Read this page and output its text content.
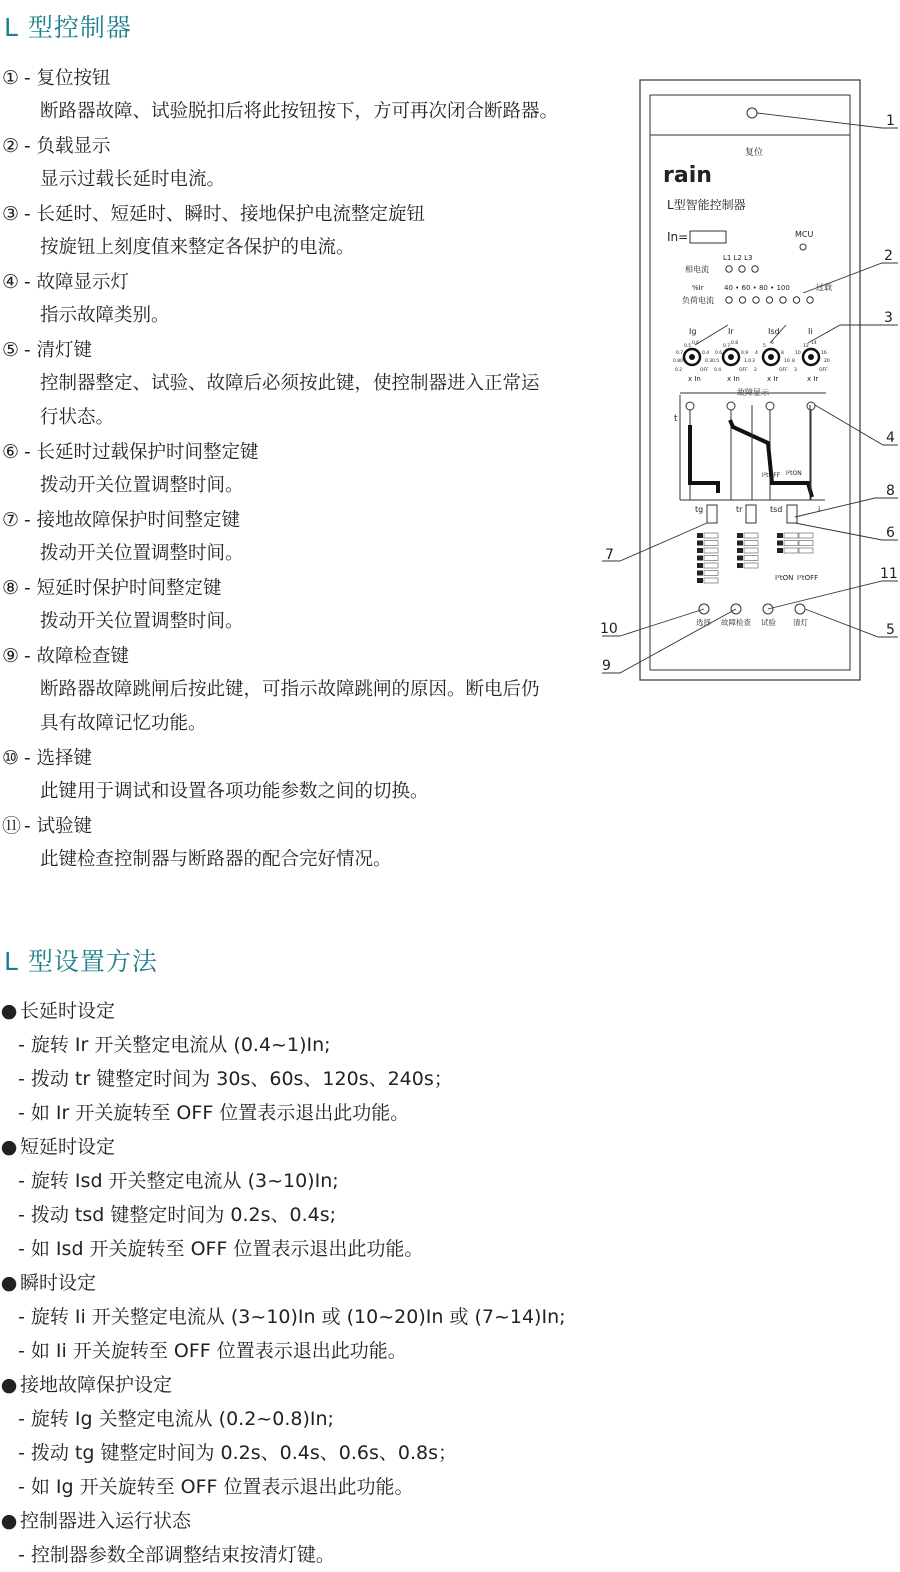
L 型控制器
① - 复位按钮
断路器故障、试验脱扣后将此按钮按下，方可再次闭合断路器。
② - 负载显示
显示过载长延时电流。
③ - 长延时、短延时、瞬时、接地保护电流整定旋钮
按旋钮上刻度值来整定各保护的电流。
④ - 故障显示灯
指示故障类别。
⑤ - 清灯键
控制器整定、试验、故障后必须按此键，使控制器进入正常运
行状态。
⑥ - 长延时过载保护时间整定键
拨动开关位置调整时间。
⑦ - 接地故障保护时间整定键
拨动开关位置调整时间。
⑧ - 短延时保护时间整定键
拨动开关位置调整时间。
⑨ - 故障检查键
断路器故障跳闸后按此键，可指示故障跳闸的原因。断电后仍
具有故障记忆功能。
⑩ - 选择键
此键用于调试和设置各项功能参数之间的切换。
⑪ - 试验键
此键检查控制器与断路器的配合完好情况。
L 型设置方法
● 长延时设定
- 旋转 Ir 开关整定电流从 (0.4~1)In;
- 拨动 tr 键整定时间为 30s、60s、120s、240s；
- 如 Ir 开关旋转至 OFF 位置表示退出此功能。
● 短延时设定
- 旋转 Isd 开关整定电流从 (3~10)In;
- 拨动 tsd 键整定时间为 0.2s、0.4s;
- 如 Isd 开关旋转至 OFF 位置表示退出此功能。
● 瞬时设定
- 旋转 Ii 开关整定电流从 (3~10)In 或 (10~20)In 或 (7~14)In;
- 如 Ii 开关旋转至 OFF 位置表示退出此功能。
● 接地故障保护设定
- 旋转 Ig 关整定电流从 (0.2~0.8)In;
- 拨动 tg 键整定时间为 0.2s、0.4s、0.6s、0.8s；
- 如 Ig 开关旋转至 OFF 位置表示退出此功能。
● 控制器进入运行状态
- 控制器参数全部调整结束按清灯键。
复位
rain
L型智能控制器
In=	MCU
L1 L2 L3
相电流
%Ir	40 • 60 • 80 • 100	过载
负荷电流
Ig
0.5
0.6
0.7	0.4
0.80	0.3
0.2	OFF
x In
Ir
0.7
0.8
0.6	0.9
0.5	1.0
0.4	OFF
x In
Isd
5
6
4	8
3	10
2	OFF
x Ir
Ii
12
14
10	16
8	20
3	OFF
x Ir
故障显示
t
I²tOFF I²tON
tg	tr	tsd	i
I²tON I²tOFF
选择 故障检查 试验 清灯
1
2
3
4
5
6
7
8
9
10
11
